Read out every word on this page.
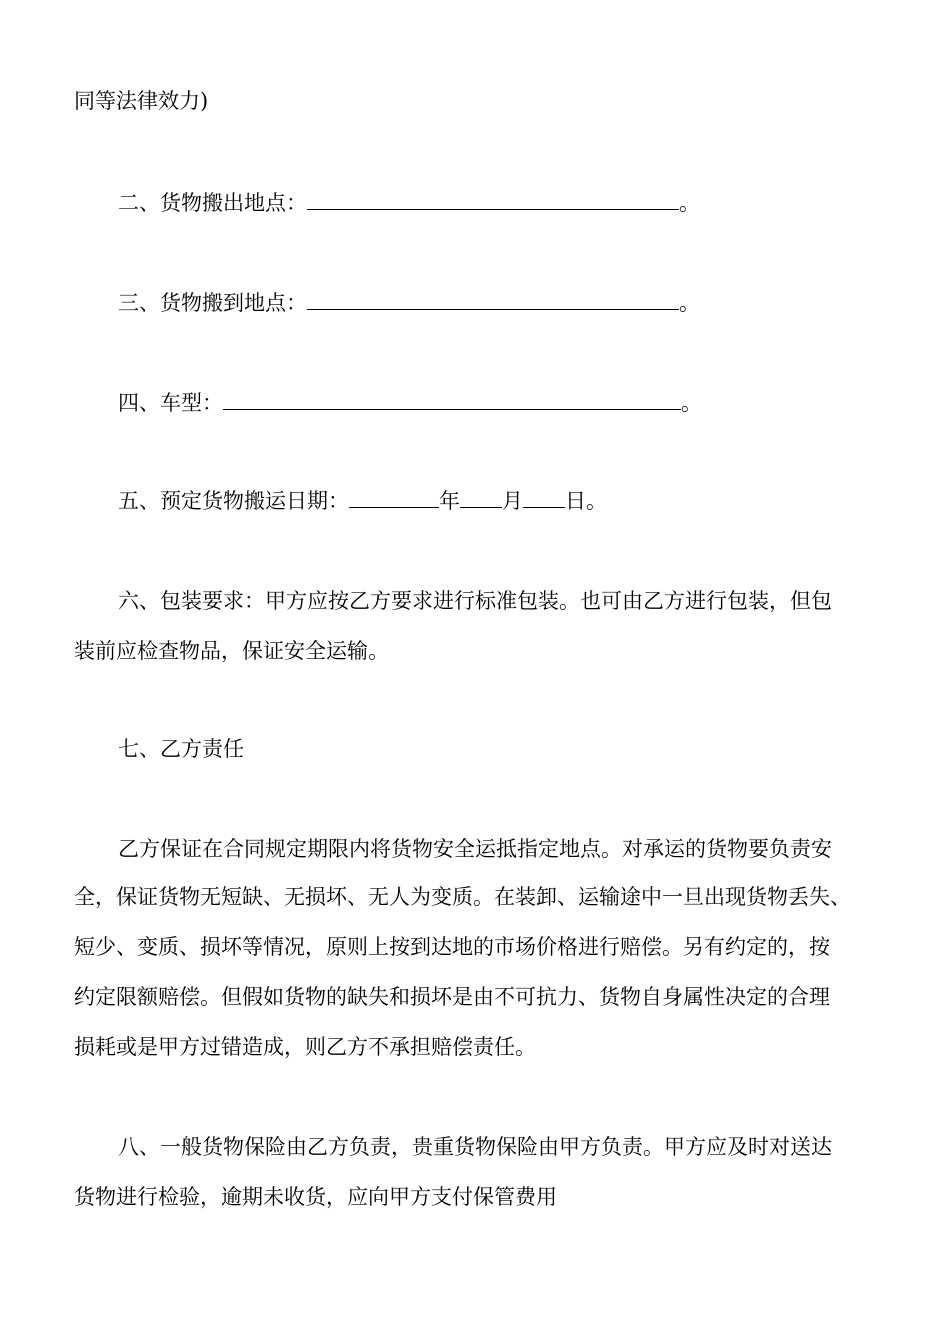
同等法律效力)
二、货物搬出地点：	。
三、货物搬到地点：	。
四、车型：	。
五、预定货物搬运日期：	年 月 日。
六、包装要求：甲方应按乙方要求进行标准包装。也可由乙方进行包装，但包
装前应检查物品，保证安全运输。
七、乙方责任
乙方保证在合同规定期限内将货物安全运抵指定地点。对承运的货物要负责安
全，保证货物无短缺、无损坏、无人为变质。在装卸、运输途中一旦出现货物丢失、
短少、变质、损坏等情况，原则上按到达地的市场价格进行赔偿。另有约定的，按
约定限额赔偿。但假如货物的缺失和损坏是由不可抗力、货物自身属性决定的合理
损耗或是甲方过错造成，则乙方不承担赔偿责任。
八、一般货物保险由乙方负责，贵重货物保险由甲方负责。甲方应及时对送达
货物进行检验，逾期未收货，应向甲方支付保管费用
